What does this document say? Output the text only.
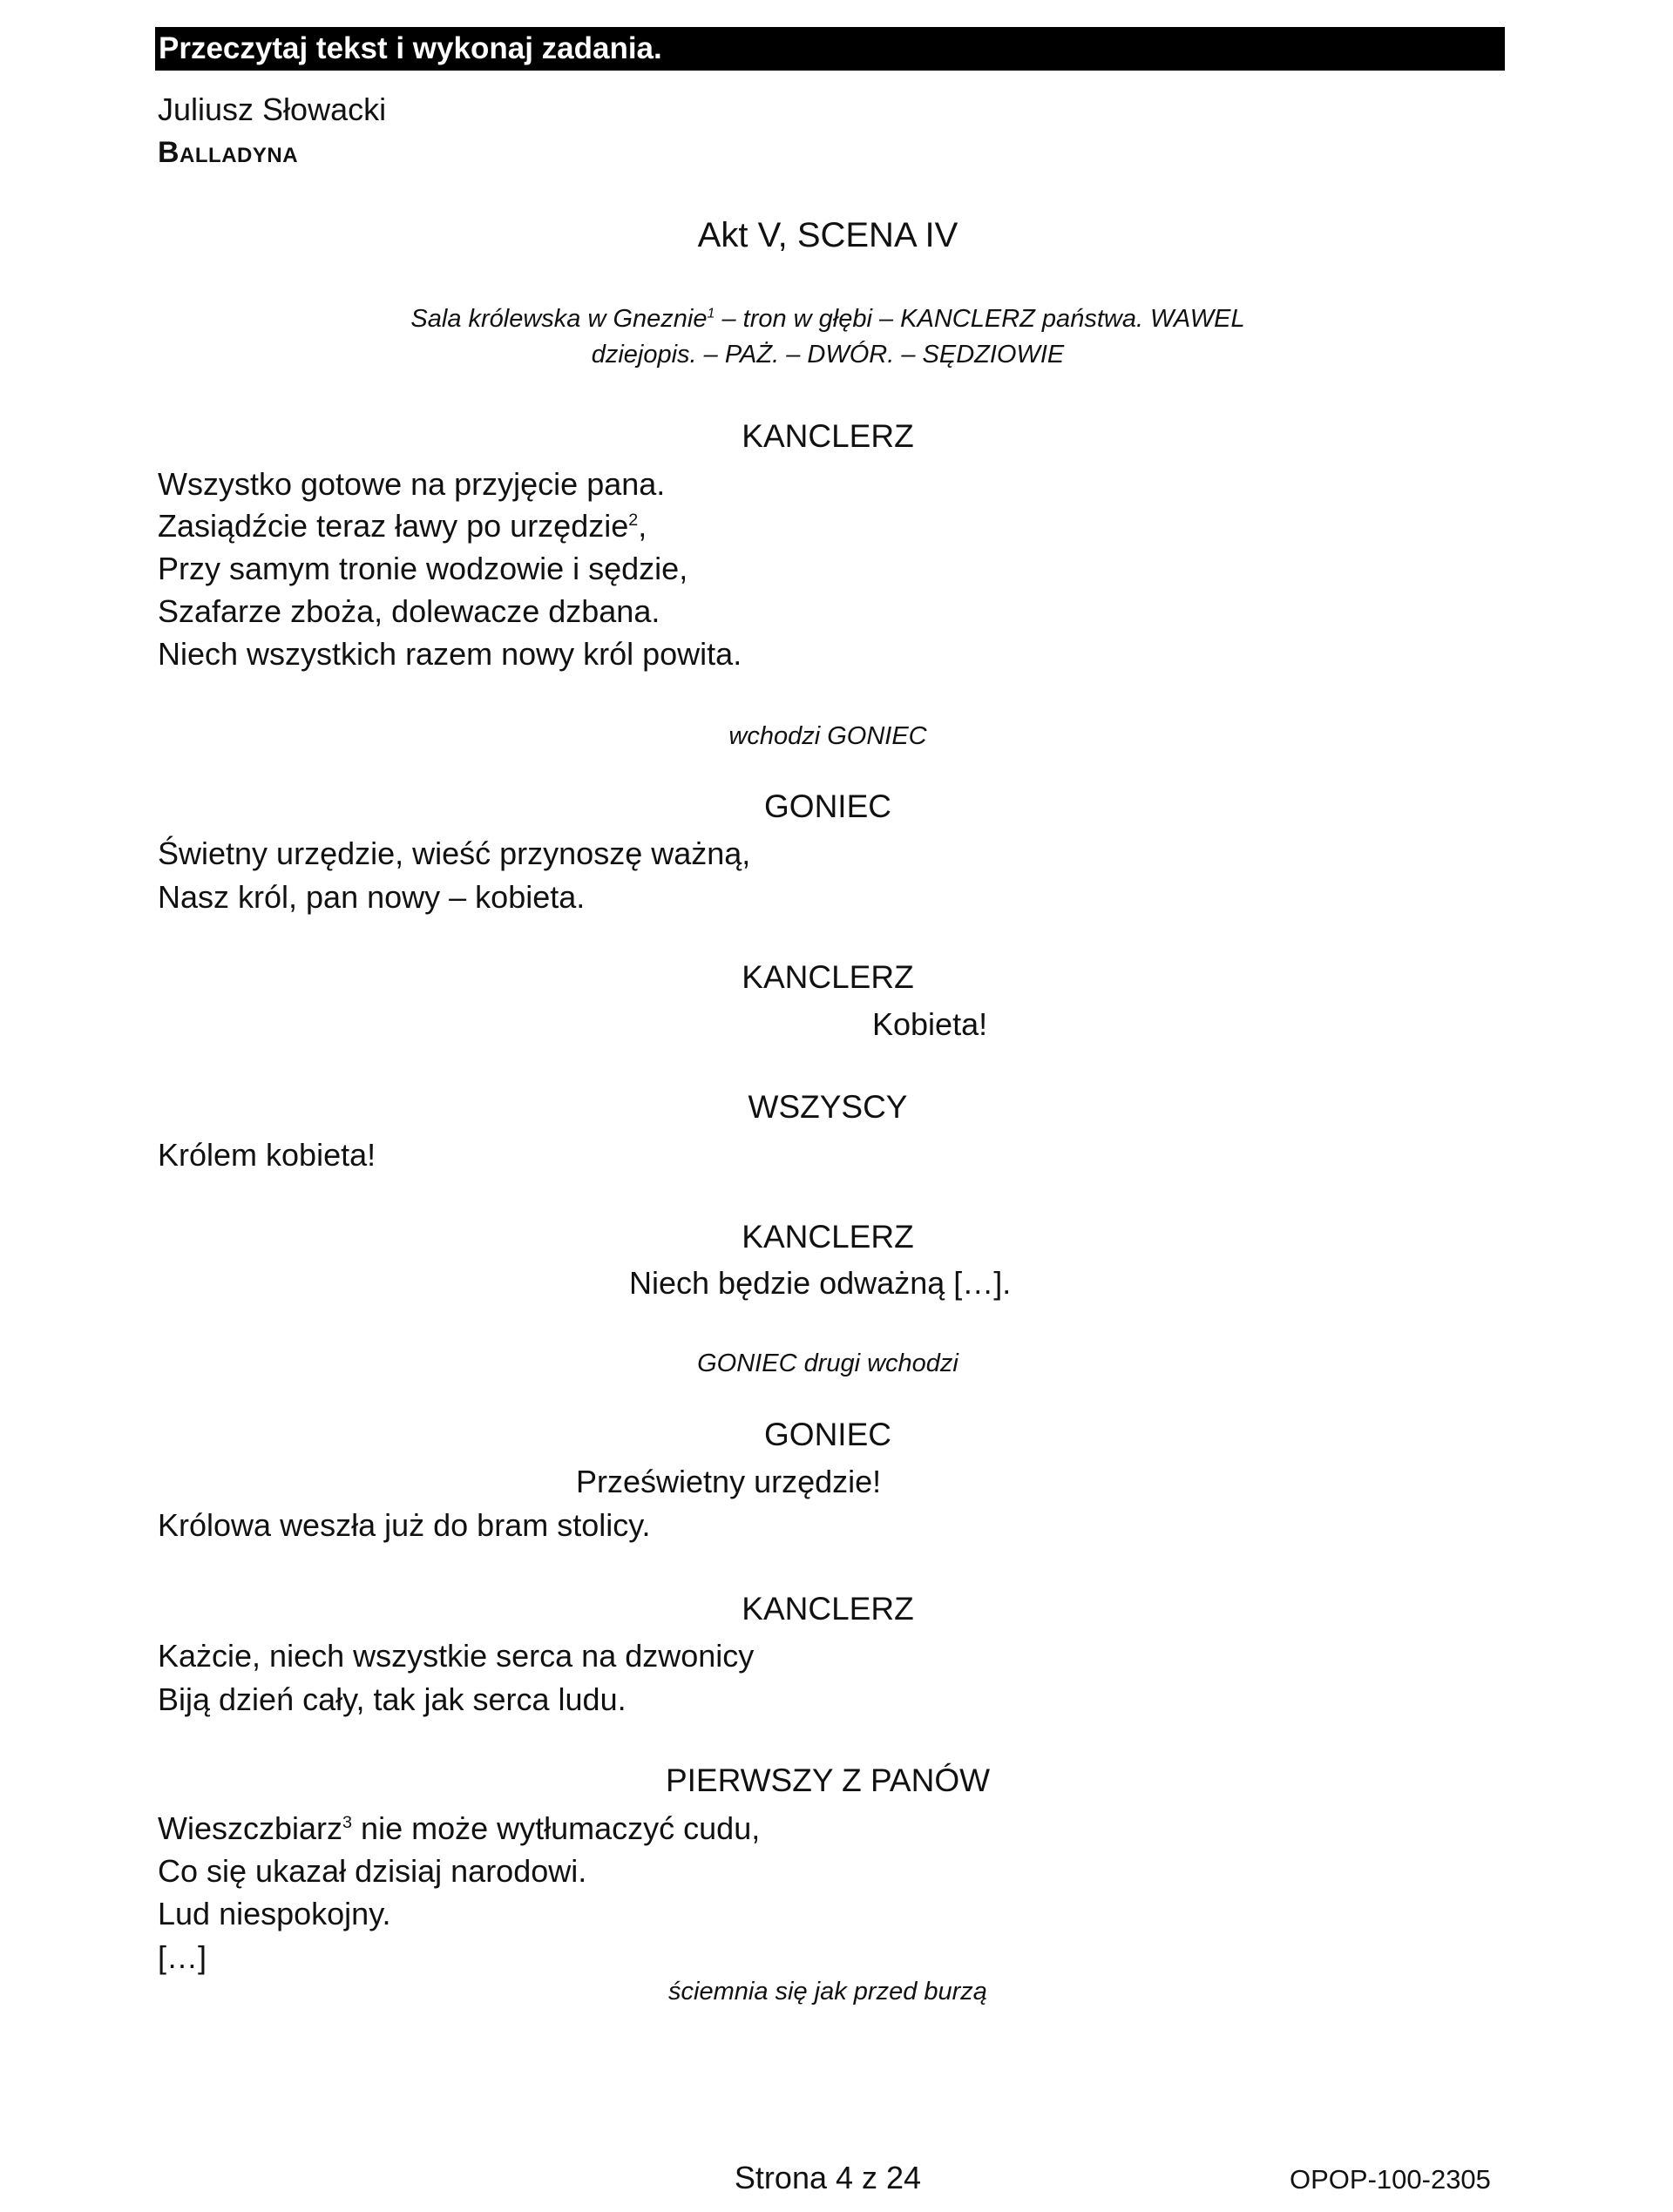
Przeczytaj tekst i wykonaj zadania.
Juliusz Słowacki
Balladyna
Akt V, SCENA IV
Sala królewska w Gneznie$^1$ – tron w głębi – KANCLERZ państwa. WAWEL
dziejopis. – PAŻ. – DWÓR. – SĘDZIOWIE
KANCLERZ
Wszystko gotowe na przyjęcie pana.
Zasiądźcie teraz ławy po urzędzie$^2$,
Przy samym tronie wodzowie i sędzie,
Szafarze zboża, dolewacze dzbana.
Niech wszystkich razem nowy król powita.
wchodzi GONIEC
GONIEC
Świetny urzędzie, wieść przynoszę ważną,
Nasz król, pan nowy – kobieta.
KANCLERZ
Kobieta!
WSZYSCY
Królem kobieta!
KANCLERZ
Niech będzie odważną […].
GONIEC drugi wchodzi
GONIEC
Prześwietny urzędzie!
Królowa weszła już do bram stolicy.
KANCLERZ
Każcie, niech wszystkie serca na dzwonicy
Biją dzień cały, tak jak serca ludu.
PIERWSZY Z PANÓW
Wieszczbiarz$^3$ nie może wytłumaczyć cudu,
Co się ukazał dzisiaj narodowi.
Lud niespokojny.
[…]
ściemnia się jak przed burzą
Strona 4 z 24	OPOP-100-2305
